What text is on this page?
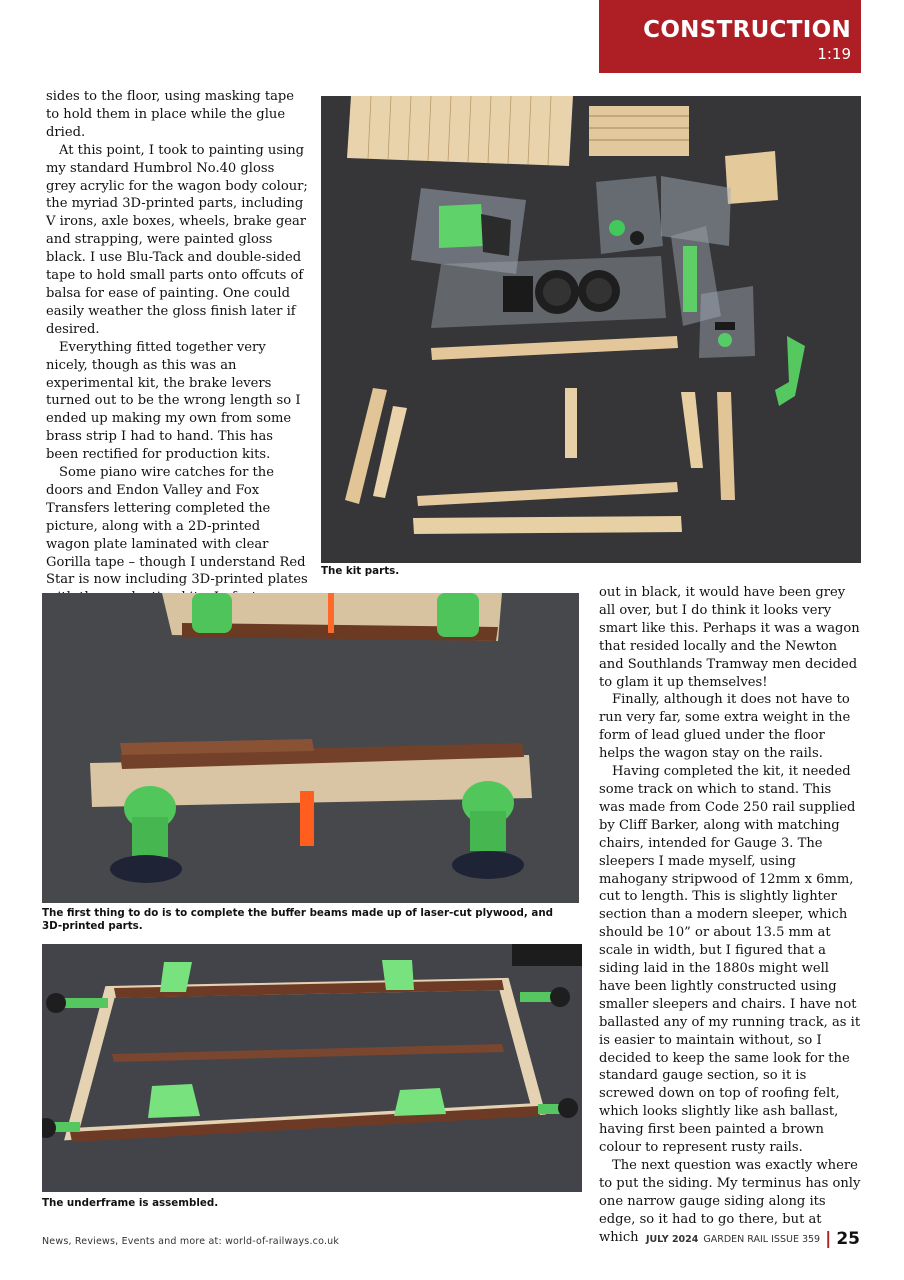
CONSTRUCTION
1:19

sides to the floor, using masking tape to hold them in place while the glue dried.

At this point, I took to painting using my standard Humbrol No.40 gloss grey acrylic for the wagon body colour; the myriad 3D-printed parts, including V irons, axle boxes, wheels, brake gear and strapping, were painted gloss black. I use Blu-Tack and double-sided tape to hold small parts onto offcuts of balsa for ease of painting. One could easily weather the gloss finish later if desired.

Everything fitted together very nicely, though as this was an experimental kit, the brake levers turned out to be the wrong length so I ended up making my own from some brass strip I had to hand. This has been rectified for production kits.

Some piano wire catches for the doors and Endon Valley and Fox Transfers lettering completed the picture, along with a 2D-printed wagon plate laminated with clear Gorilla tape – though I understand Red Star is now including 3D-printed plates

The kit parts.
The first thing to do is to complete the buffer beams made up of laser-cut plywood, and 3D-printed parts.
The underframe is assembled.

out in black, it would have been grey all over, but I do think it looks very smart like this. Perhaps it was a wagon that resided locally and the Newton and Southlands Tramway men decided to glam it up themselves!

Finally, although it does not have to run very far, some extra weight in the form of lead glued under the floor helps the wagon stay on the rails.

Having completed the kit, it needed some track on which to stand. This was made from Code 250 rail supplied by Cliff Barker, along with matching chairs, intended for Gauge 3. The sleepers I made myself, using mahogany stripwood of 12mm x 6mm, cut to length. This is slightly lighter section than a modern sleeper, which should be 10” or about 13.5 mm at scale in width, but I figured that a siding laid in the 1880s might well have been lightly constructed using smaller sleepers and chairs. I have not ballasted any of my running track, as it is easier to maintain without, so I decided to keep the same look for the standard gauge section, so it is screwed down on top of roofing felt, which looks slightly like ash ballast, having first been painted a brown colour to represent rusty rails.

The next question was exactly where to put the siding. My terminus has only one narrow gauge siding along its edge, so it had to go there, but at which

News, Reviews, Events and more at: world-of-railways.co.uk	JULY 2024 GARDEN RAIL ISSUE 359 | 25
